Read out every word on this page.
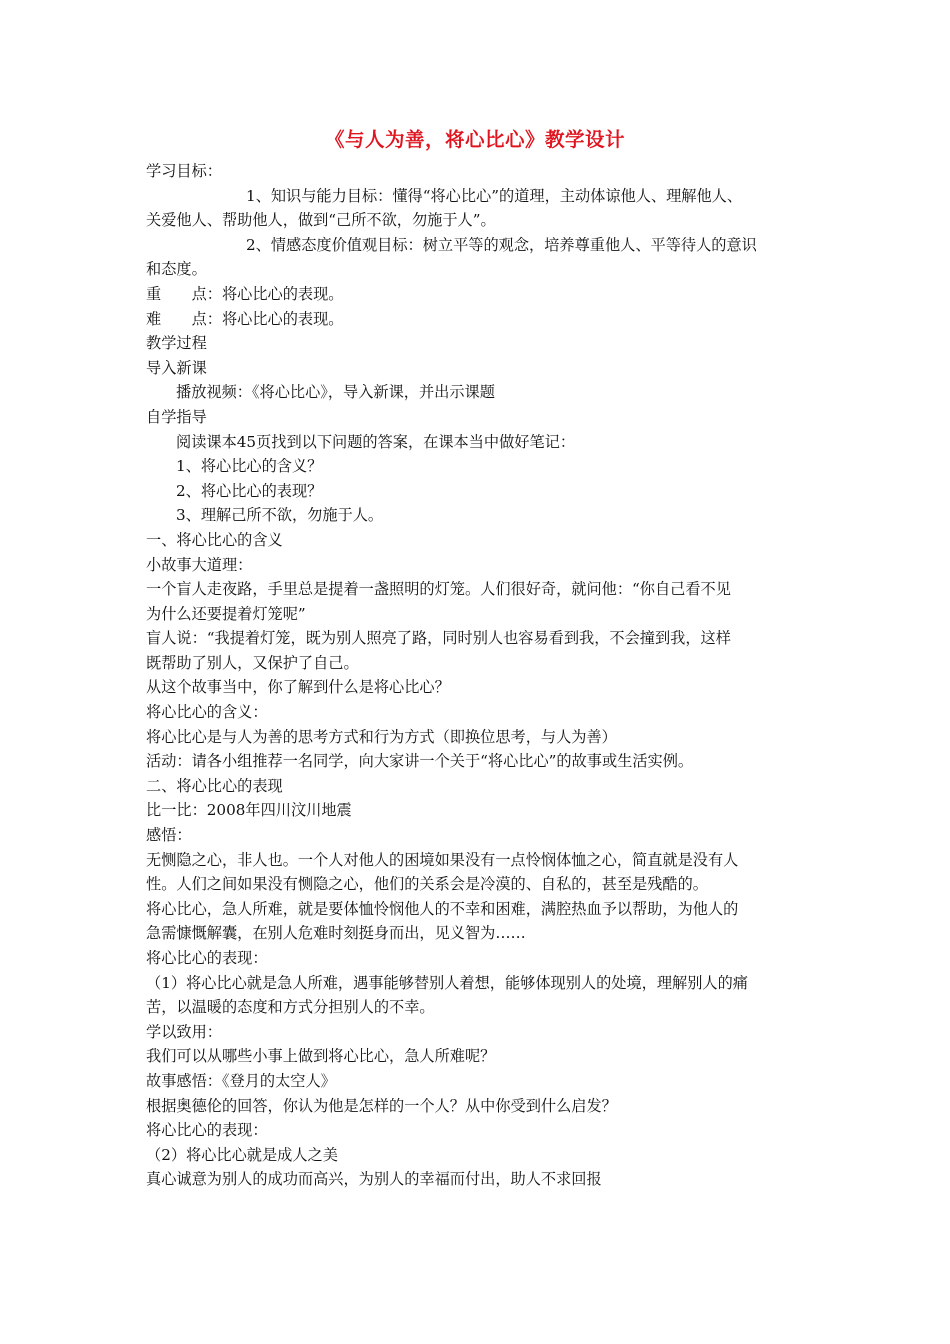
《与人为善，将心比心》教学设计
学习目标：
1、知识与能力目标：懂得“将心比心”的道理，主动体谅他人、理解他人、
关爱他人、帮助他人，做到“己所不欲，勿施于人”。
2、情感态度价值观目标：树立平等的观念，培养尊重他人、平等待人的意识
和态度。
重　　点：将心比心的表现。
难　　点：将心比心的表现。
教学过程
导入新课
播放视频：《将心比心》，导入新课，并出示课题
自学指导
阅读课本45页找到以下问题的答案，在课本当中做好笔记：
1、将心比心的含义？
2、将心比心的表现？
3、理解己所不欲，勿施于人。
一、将心比心的含义
小故事大道理：
一个盲人走夜路，手里总是提着一盏照明的灯笼。人们很好奇，就问他：“你自己看不见
为什么还要提着灯笼呢”
盲人说：“我提着灯笼，既为别人照亮了路，同时别人也容易看到我，不会撞到我，这样
既帮助了别人，又保护了自己。
从这个故事当中，你了解到什么是将心比心？
将心比心的含义：
将心比心是与人为善的思考方式和行为方式（即换位思考，与人为善）
活动：请各小组推荐一名同学，向大家讲一个关于“将心比心”的故事或生活实例。
二、将心比心的表现
比一比：2008年四川汶川地震
感悟：
无恻隐之心，非人也。一个人对他人的困境如果没有一点怜悯体恤之心，简直就是没有人
性。人们之间如果没有恻隐之心，他们的关系会是冷漠的、自私的，甚至是残酷的。
将心比心，急人所难，就是要体恤怜悯他人的不幸和困难，满腔热血予以帮助，为他人的
急需慷慨解囊，在别人危难时刻挺身而出，见义智为……
将心比心的表现：
（1）将心比心就是急人所难，遇事能够替别人着想，能够体现别人的处境，理解别人的痛
苦，以温暖的态度和方式分担别人的不幸。
学以致用：
我们可以从哪些小事上做到将心比心，急人所难呢？
故事感悟：《登月的太空人》
根据奥德伦的回答，你认为他是怎样的一个人？从中你受到什么启发？
将心比心的表现：
（2）将心比心就是成人之美
真心诚意为别人的成功而高兴，为别人的幸福而付出，助人不求回报
